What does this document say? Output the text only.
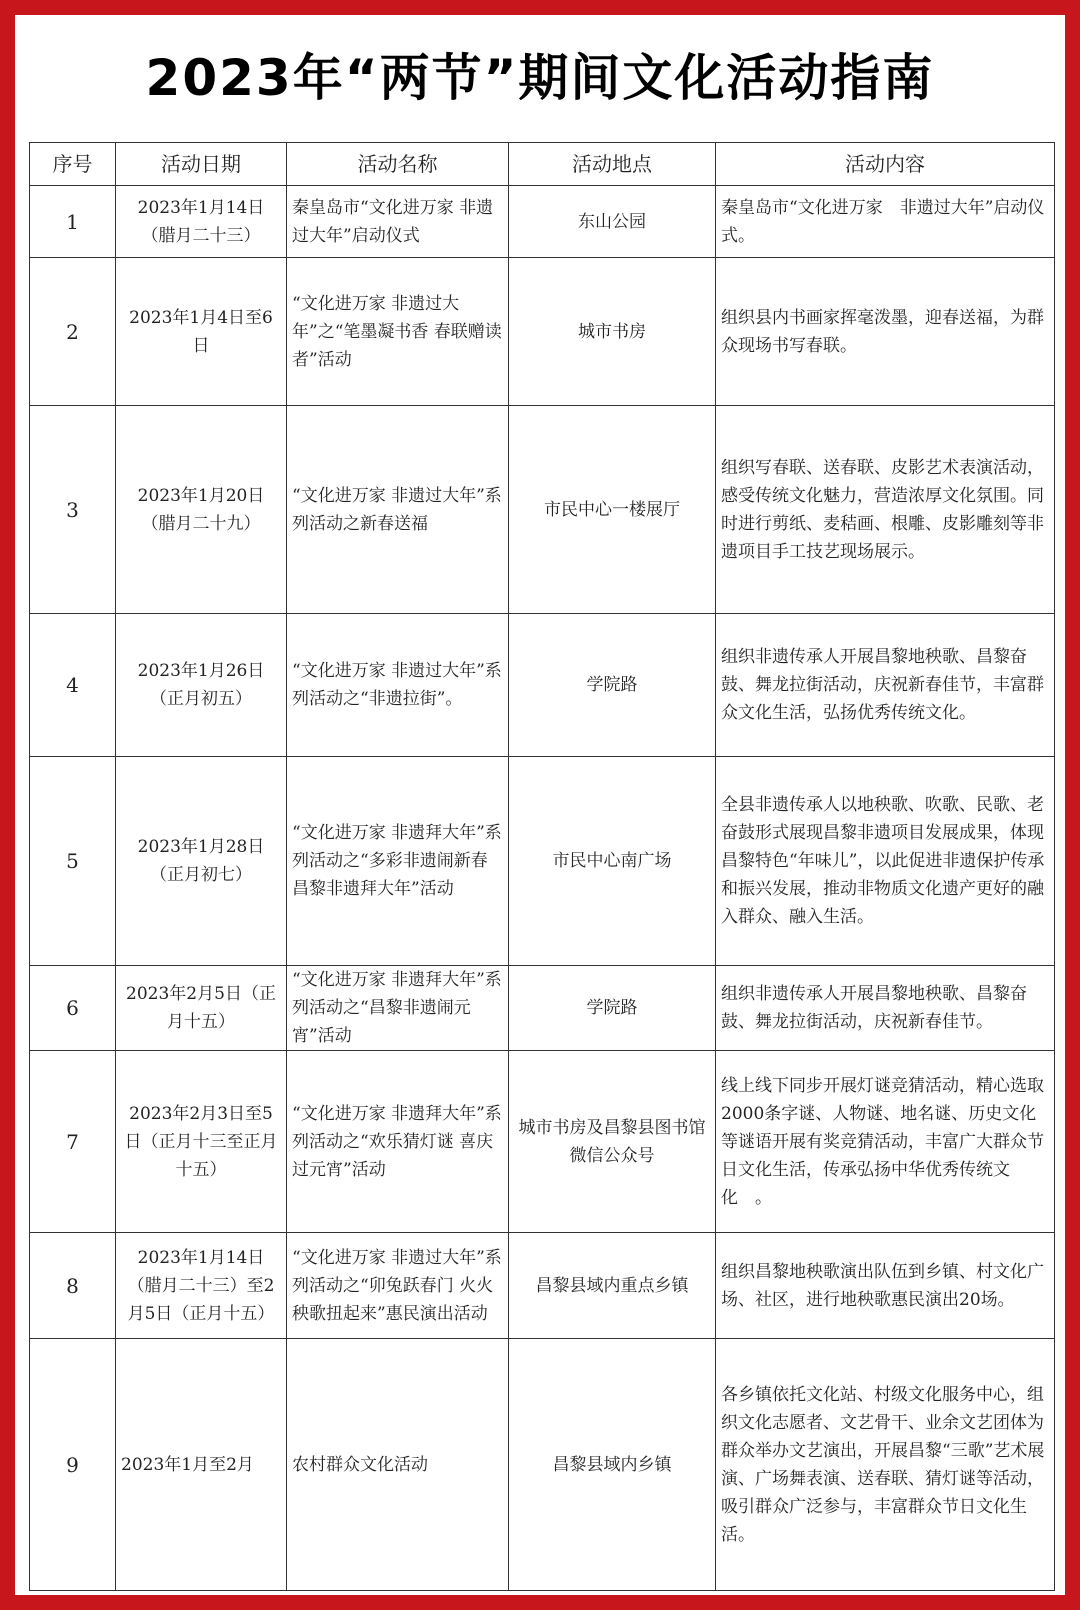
2023年“两节”期间文化活动指南
序号	活动日期	活动名称	活动地点	活动内容
1	2023年1月14日（腊月二十三）	秦皇岛市“文化进万家 非遗过大年”启动仪式	东山公园	秦皇岛市“文化进万家　非遗过大年”启动仪式。
2	2023年1月4日至6日	“文化进万家 非遗过大年”之“笔墨凝书香 春联赠读者”活动	城市书房	组织县内书画家挥毫泼墨，迎春送福，为群众现场书写春联。
3	2023年1月20日（腊月二十九）	“文化进万家 非遗过大年”系列活动之新春送福	市民中心一楼展厅	组织写春联、送春联、皮影艺术表演活动，感受传统文化魅力，营造浓厚文化氛围。同时进行剪纸、麦秸画、根雕、皮影雕刻等非遗项目手工技艺现场展示。
4	2023年1月26日（正月初五）	“文化进万家 非遗过大年”系列活动之“非遗拉街”。	学院路	组织非遗传承人开展昌黎地秧歌、昌黎奋鼓、舞龙拉街活动，庆祝新春佳节，丰富群众文化生活，弘扬优秀传统文化。
5	2023年1月28日（正月初七）	“文化进万家 非遗拜大年”系列活动之“多彩非遗闹新春 昌黎非遗拜大年”活动	市民中心南广场	全县非遗传承人以地秧歌、吹歌、民歌、老奋鼓形式展现昌黎非遗项目发展成果，体现昌黎特色“年味儿”，以此促进非遗保护传承和振兴发展，推动非物质文化遗产更好的融入群众、融入生活。
6	2023年2月5日（正月十五）	“文化进万家 非遗拜大年”系列活动之“昌黎非遗闹元宵”活动	学院路	组织非遗传承人开展昌黎地秧歌、昌黎奋鼓、舞龙拉街活动，庆祝新春佳节。
7	2023年2月3日至5日（正月十三至正月十五）	“文化进万家 非遗拜大年”系列活动之“欢乐猜灯谜 喜庆过元宵”活动	城市书房及昌黎县图书馆微信公众号	线上线下同步开展灯谜竞猜活动，精心选取2000条字谜、人物谜、地名谜、历史文化等谜语开展有奖竞猜活动，丰富广大群众节日文化生活，传承弘扬中华优秀传统文化　。
8	2023年1月14日（腊月二十三）至2月5日（正月十五）	“文化进万家 非遗过大年”系列活动之“卯兔跃春门 火火秧歌扭起来”惠民演出活动	昌黎县域内重点乡镇	组织昌黎地秧歌演出队伍到乡镇、村文化广场、社区，进行地秧歌惠民演出20场。
9	2023年1月至2月	农村群众文化活动	昌黎县域内乡镇	各乡镇依托文化站、村级文化服务中心，组织文化志愿者、文艺骨干、业余文艺团体为群众举办文艺演出，开展昌黎“三歌”艺术展演、广场舞表演、送春联、猜灯谜等活动，吸引群众广泛参与，丰富群众节日文化生活。
